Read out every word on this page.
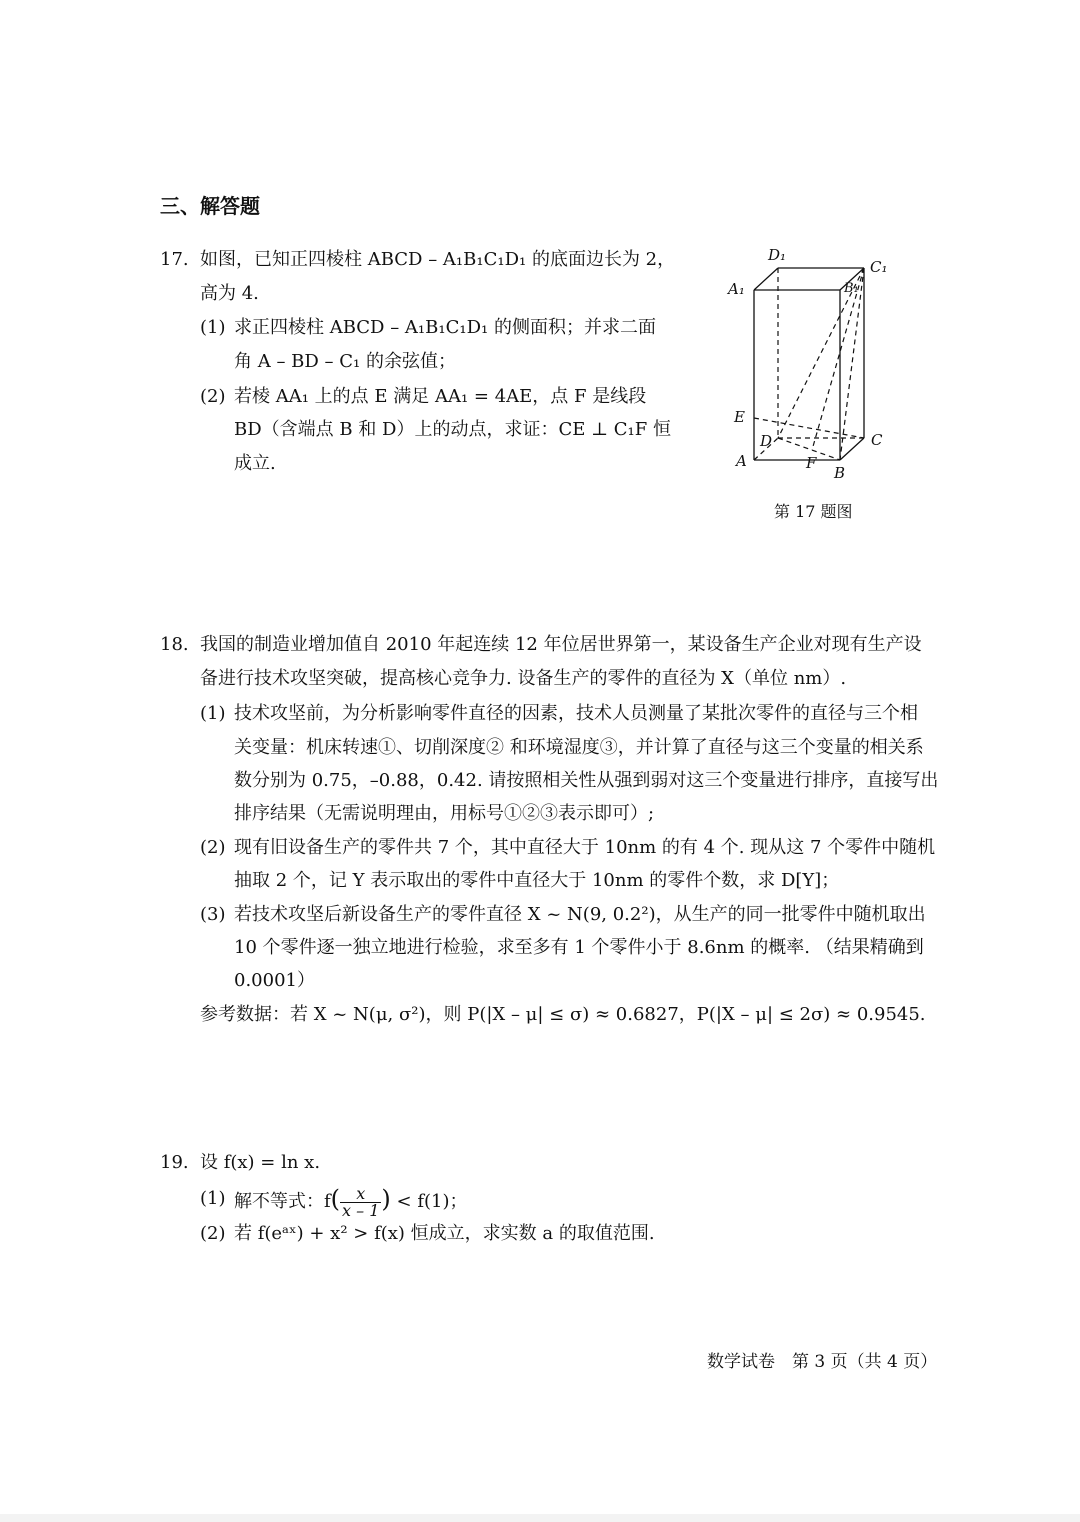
三、解答题
17. 如图，已知正四棱柱 ABCD – A₁B₁C₁D₁ 的底面边长为 2，
高为 4.
(1) 求正四棱柱 ABCD – A₁B₁C₁D₁ 的侧面积；并求二面
角 A – BD – C₁ 的余弦值；
(2) 若棱 AA₁ 上的点 E 满足 AA₁ = 4AE，点 F 是线段
BD（含端点 B 和 D）上的动点，求证：CE ⊥ C₁F 恒
成立.
D₁
C₁
A₁	B₁
E
D	C
A	F
B
第 17 题图
18. 我国的制造业增加值自 2010 年起连续 12 年位居世界第一，某设备生产企业对现有生产设
备进行技术攻坚突破，提高核心竞争力. 设备生产的零件的直径为 X（单位 nm）.
(1) 技术攻坚前，为分析影响零件直径的因素，技术人员测量了某批次零件的直径与三个相
关变量：机床转速①、切削深度② 和环境湿度③，并计算了直径与这三个变量的相关系
数分别为 0.75，–0.88，0.42. 请按照相关性从强到弱对这三个变量进行排序，直接写出
排序结果（无需说明理由，用标号①②③表示即可）;
(2) 现有旧设备生产的零件共 7 个，其中直径大于 10nm 的有 4 个. 现从这 7 个零件中随机
抽取 2 个，记 Y 表示取出的零件中直径大于 10nm 的零件个数，求 D[Y]；
(3) 若技术攻坚后新设备生产的零件直径 X ~ N(9, 0.2²)，从生产的同一批零件中随机取出
10 个零件逐一独立地进行检验，求至多有 1 个零件小于 8.6nm 的概率. （结果精确到
0.0001）
参考数据：若 X ~ N(μ, σ²)，则 P(|X – μ| ≤ σ) ≈ 0.6827，P(|X – μ| ≤ 2σ) ≈ 0.9545.
19. 设 f(x) = ln x.
(1) 解不等式：$f( \frac{x}{x - 1}$ ) < f(1)；
(2) 若 f(eᵃˣ) + x² > f(x) 恒成立，求实数 a 的取值范围.
数学试卷　第 3 页（共 4 页）
